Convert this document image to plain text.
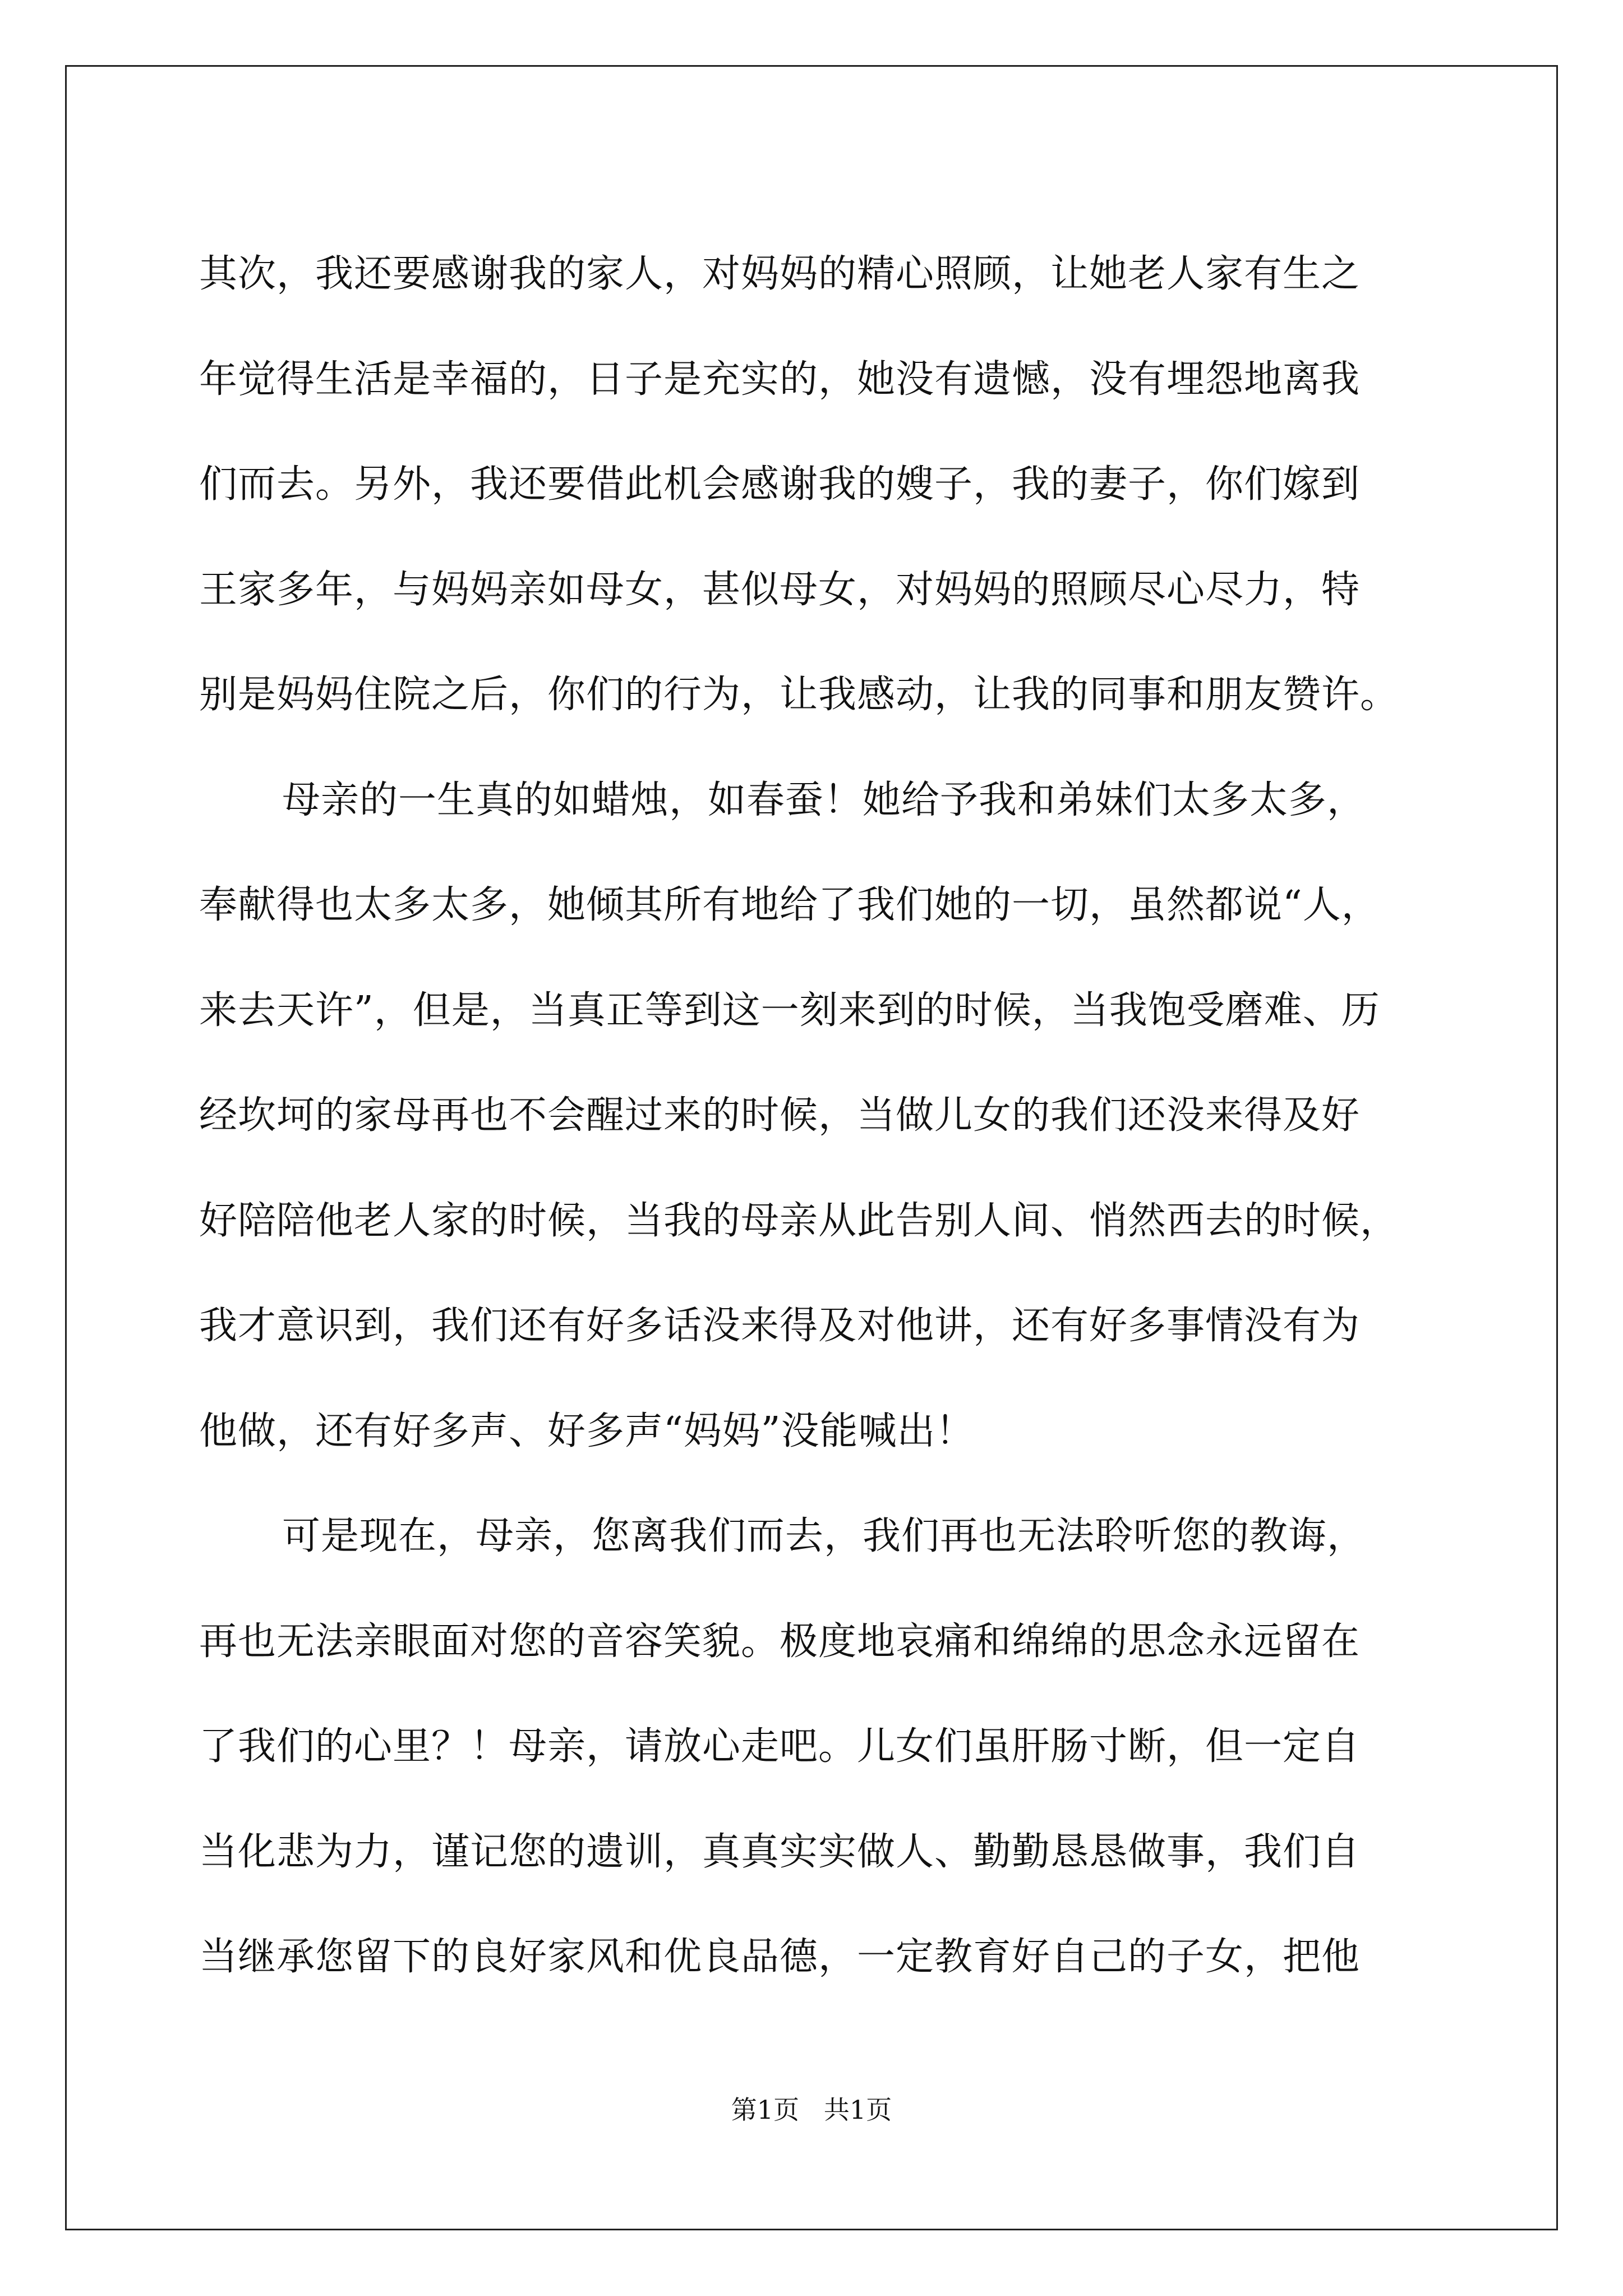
其次，我还要感谢我的家人，对妈妈的精心照顾，让她老人家有生之
年觉得生活是幸福的，日子是充实的，她没有遗憾，没有埋怨地离我
们而去。另外，我还要借此机会感谢我的嫂子，我的妻子，你们嫁到
王家多年，与妈妈亲如母女，甚似母女，对妈妈的照顾尽心尽力，特
别是妈妈住院之后，你们的行为，让我感动，让我的同事和朋友赞许。
母亲的一生真的如蜡烛，如春蚕！她给予我和弟妹们太多太多，
奉献得也太多太多，她倾其所有地给了我们她的一切，虽然都说“人，
来去天许”，但是，当真正等到这一刻来到的时候，当我饱受磨难、历
经坎坷的家母再也不会醒过来的时候，当做儿女的我们还没来得及好
好陪陪他老人家的时候，当我的母亲从此告别人间、悄然西去的时候，
我才意识到，我们还有好多话没来得及对他讲，还有好多事情没有为
他做，还有好多声、好多声“妈妈”没能喊出！
可是现在，母亲，您离我们而去，我们再也无法聆听您的教诲，
再也无法亲眼面对您的音容笑貌。极度地哀痛和绵绵的思念永远留在
了我们的心里？！母亲，请放心走吧。儿女们虽肝肠寸断，但一定自
当化悲为力，谨记您的遗训，真真实实做人、勤勤恳恳做事，我们自
当继承您留下的良好家风和优良品德，一定教育好自己的子女，把他
第1页   共1页
